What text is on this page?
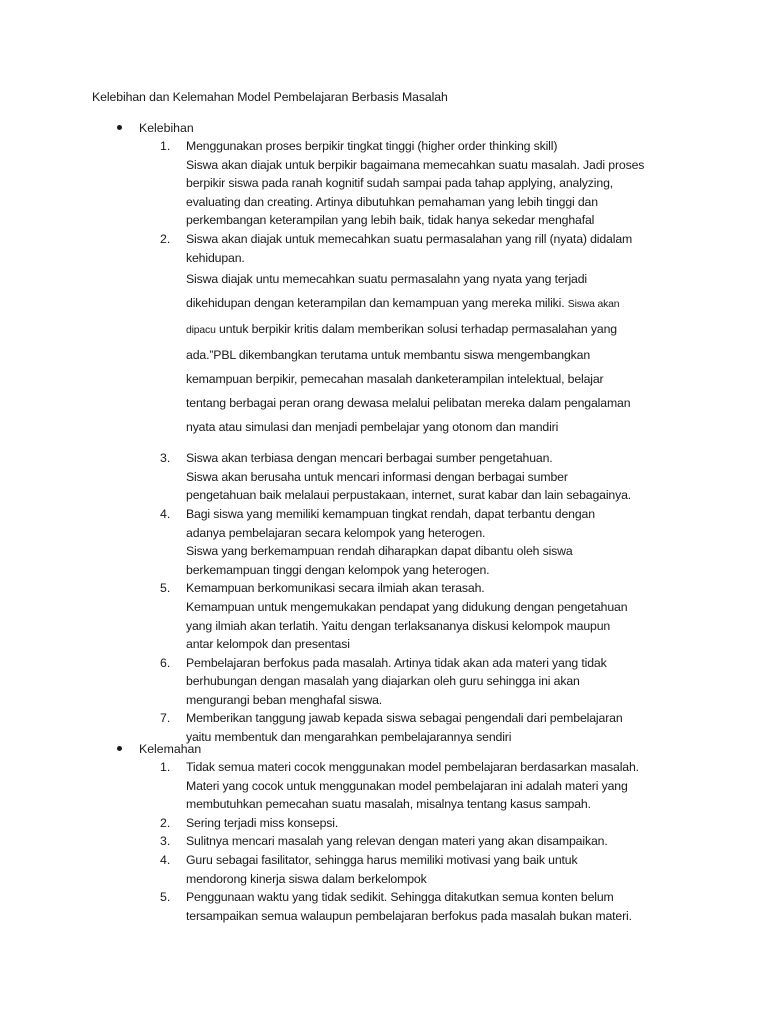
Kelebihan dan Kelemahan Model Pembelajaran Berbasis Masalah
Kelebihan
1. Menggunakan proses berpikir tingkat tinggi (higher order thinking skill)
Siswa akan diajak untuk berpikir bagaimana memecahkan suatu masalah. Jadi proses
berpikir siswa pada ranah kognitif sudah sampai pada tahap applying, analyzing,
evaluating dan creating. Artinya dibutuhkan pemahaman yang lebih tinggi dan
perkembangan keterampilan yang lebih baik, tidak hanya sekedar menghafal
2. Siswa akan diajak untuk memecahkan suatu permasalahan yang rill (nyata) didalam
kehidupan.
Siswa diajak untu memecahkan suatu permasalahn yang nyata yang terjadi
dikehidupan dengan keterampilan dan kemampuan yang mereka miliki. Siswa akan
dipacu untuk berpikir kritis dalam memberikan solusi terhadap permasalahan yang
ada.”PBL dikembangkan terutama untuk membantu siswa mengembangkan
kemampuan berpikir, pemecahan masalah danketerampilan intelektual, belajar
tentang berbagai peran orang dewasa melalui pelibatan mereka dalam pengalaman
nyata atau simulasi dan menjadi pembelajar yang otonom dan mandiri
3. Siswa akan terbiasa dengan mencari berbagai sumber pengetahuan.
Siswa akan berusaha untuk mencari informasi dengan berbagai sumber
pengetahuan baik melalaui perpustakaan, internet, surat kabar dan lain sebagainya.
4. Bagi siswa yang memiliki kemampuan tingkat rendah, dapat terbantu dengan
adanya pembelajaran secara kelompok yang heterogen.
Siswa yang berkemampuan rendah diharapkan dapat dibantu oleh siswa
berkemampuan tinggi dengan kelompok yang heterogen.
5. Kemampuan berkomunikasi secara ilmiah akan terasah.
Kemampuan untuk mengemukakan pendapat yang didukung dengan pengetahuan
yang ilmiah akan terlatih. Yaitu dengan terlaksananya diskusi kelompok maupun
antar kelompok dan presentasi
6. Pembelajaran berfokus pada masalah. Artinya tidak akan ada materi yang tidak
berhubungan dengan masalah yang diajarkan oleh guru sehingga ini akan
mengurangi beban menghafal siswa.
7. Memberikan tanggung jawab kepada siswa sebagai pengendali dari pembelajaran
yaitu membentuk dan mengarahkan pembelajarannya sendiri
Kelemahan
1. Tidak semua materi cocok menggunakan model pembelajaran berdasarkan masalah.
Materi yang cocok untuk menggunakan model pembelajaran ini adalah materi yang
membutuhkan pemecahan suatu masalah, misalnya tentang kasus sampah.
2. Sering terjadi miss konsepsi.
3. Sulitnya mencari masalah yang relevan dengan materi yang akan disampaikan.
4. Guru sebagai fasilitator, sehingga harus memiliki motivasi yang baik untuk
mendorong kinerja siswa dalam berkelompok
5. Penggunaan waktu yang tidak sedikit. Sehingga ditakutkan semua konten belum
tersampaikan semua walaupun pembelajaran berfokus pada masalah bukan materi.
